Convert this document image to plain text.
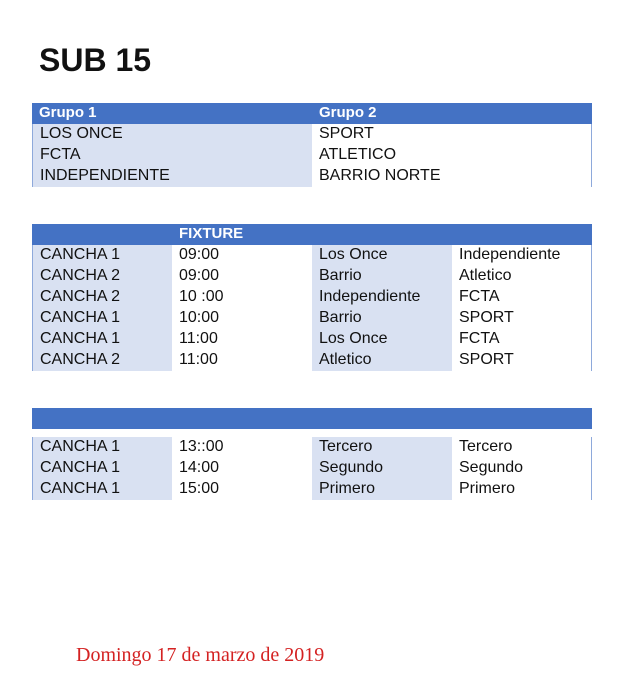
SUB 15
Grupo 1	Grupo 2
LOS ONCE	SPORT
FCTA	ATLETICO
INDEPENDIENTE	BARRIO NORTE
FIXTURE
CANCHA 1	09:00	Los Once	Independiente
CANCHA 2	09:00	Barrio	Atletico
CANCHA 2	10 :00	Independiente	FCTA
CANCHA 1	10:00	Barrio	SPORT
CANCHA 1	11:00	Los Once	FCTA
CANCHA 2	11:00	Atletico	SPORT
CANCHA 1	13::00	Tercero	Tercero
CANCHA 1	14:00	Segundo	Segundo
CANCHA 1	15:00	Primero	Primero
Domingo 17 de marzo de 2019
